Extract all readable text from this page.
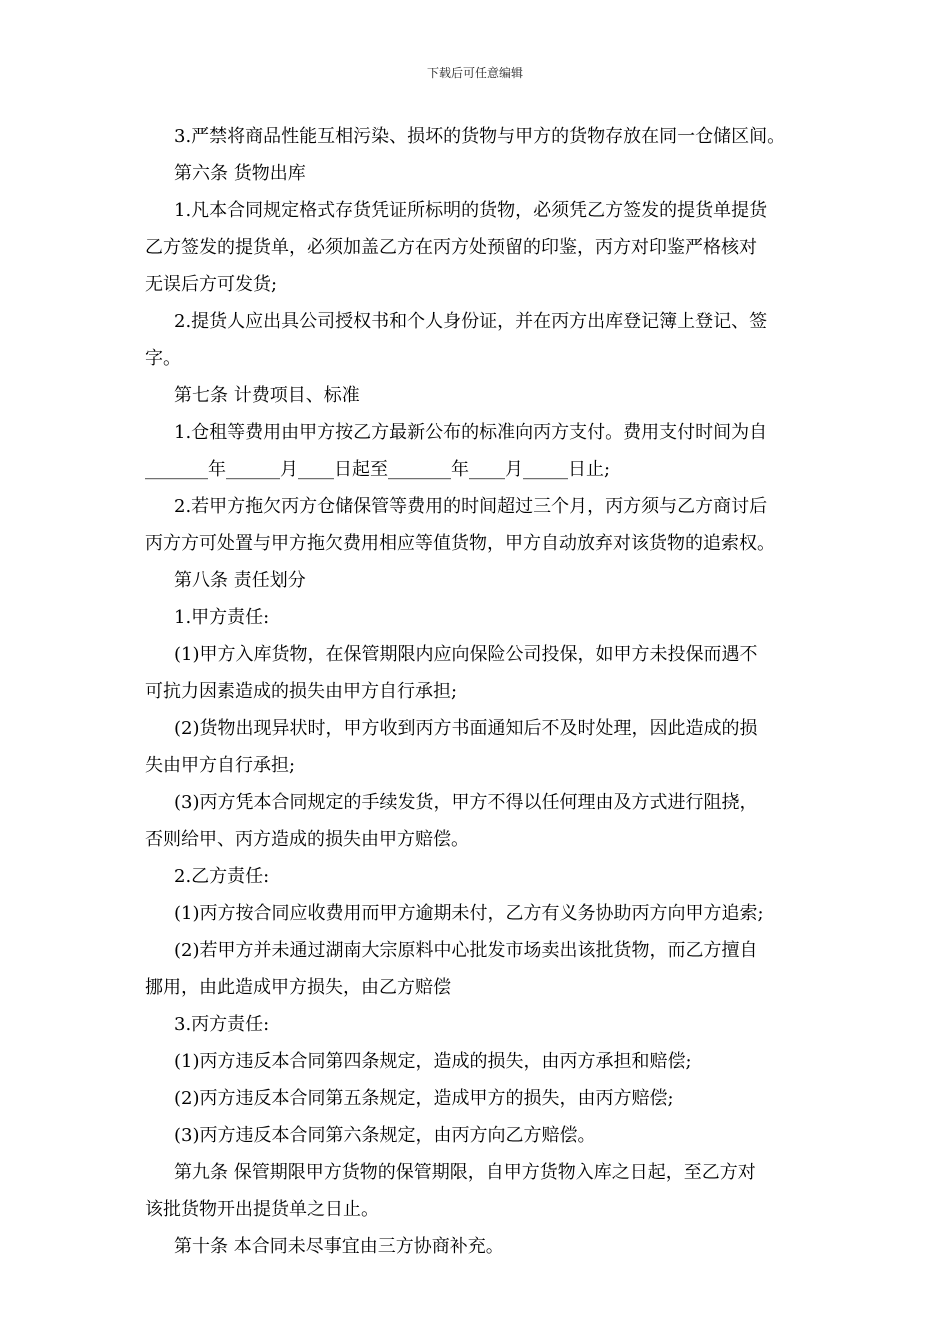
下载后可任意编辑
3.严禁将商品性能互相污染、损坏的货物与甲方的货物存放在同一仓储区间。
第六条 货物出库
1.凡本合同规定格式存货凭证所标明的货物，必须凭乙方签发的提货单提货
乙方签发的提货单，必须加盖乙方在丙方处预留的印鉴，丙方对印鉴严格核对
无误后方可发货;
2.提货人应出具公司授权书和个人身份证，并在丙方出库登记簿上登记、签
字。
第七条 计费项目、标准
1.仓租等费用由甲方按乙方最新公布的标准向丙方支付。费用支付时间为自
_______年______月____日起至_______年____月_____日止;
2.若甲方拖欠丙方仓储保管等费用的时间超过三个月，丙方须与乙方商讨后
丙方方可处置与甲方拖欠费用相应等值货物，甲方自动放弃对该货物的追索权。
第八条 责任划分
1.甲方责任:
(1)甲方入库货物，在保管期限内应向保险公司投保，如甲方未投保而遇不
可抗力因素造成的损失由甲方自行承担;
(2)货物出现异状时，甲方收到丙方书面通知后不及时处理，因此造成的损
失由甲方自行承担;
(3)丙方凭本合同规定的手续发货，甲方不得以任何理由及方式进行阻挠，
否则给甲、丙方造成的损失由甲方赔偿。
2.乙方责任:
(1)丙方按合同应收费用而甲方逾期未付，乙方有义务协助丙方向甲方追索;
(2)若甲方并未通过湖南大宗原料中心批发市场卖出该批货物，而乙方擅自
挪用，由此造成甲方损失，由乙方赔偿
3.丙方责任:
(1)丙方违反本合同第四条规定，造成的损失，由丙方承担和赔偿;
(2)丙方违反本合同第五条规定，造成甲方的损失，由丙方赔偿;
(3)丙方违反本合同第六条规定，由丙方向乙方赔偿。
第九条 保管期限甲方货物的保管期限，自甲方货物入库之日起，至乙方对
该批货物开出提货单之日止。
第十条 本合同未尽事宜由三方协商补充。
